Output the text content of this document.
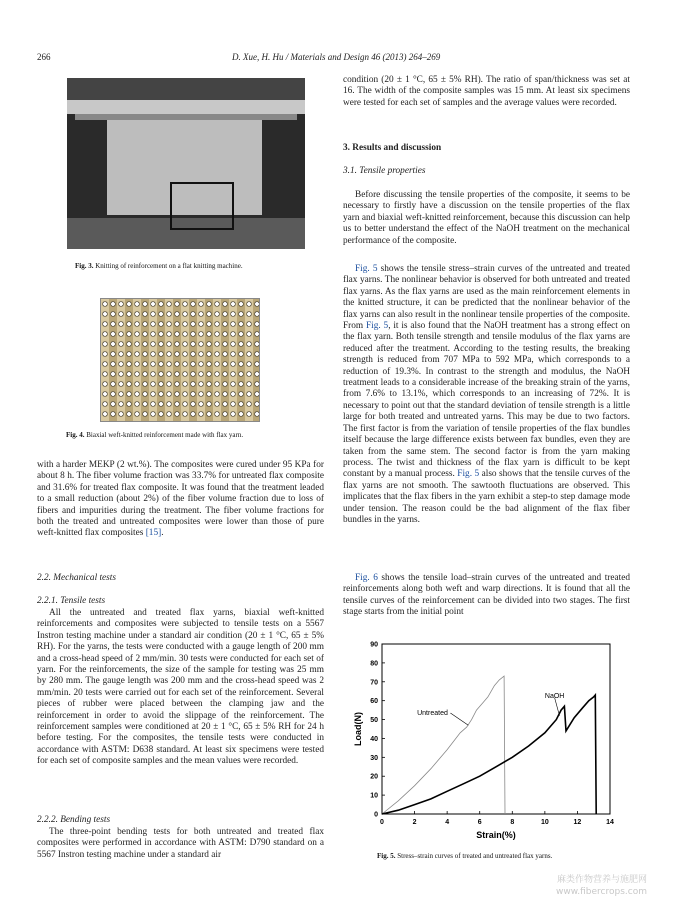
266	D. Xue, H. Hu / Materials and Design 46 (2013) 264–269
Fig. 3. Knitting of reinforcement on a flat knitting machine.
Fig. 4. Biaxial weft-knitted reinforcement made with flax yarn.

with a harder MEKP (2 wt.%). The composites were cured under 95 KPa for about 8 h. The fiber volume fraction was 33.7% for untreated flax composite and 31.6% for treated flax composite. It was found that the treatment leaded to a small reduction (about 2%) of the fiber volume fraction due to loss of fibers and impurities during the treatment. The fiber volume fractions for both the treated and untreated composites were lower than those of pure weft-knitted flax composites [15].

2.2. Mechanical tests
2.2.1. Tensile tests

All the untreated and treated flax yarns, biaxial weft-knitted reinforcements and composites were subjected to tensile tests on a 5567 Instron testing machine under a standard air condition (20 ± 1 °C, 65 ± 5% RH). For the yarns, the tests were conducted with a gauge length of 200 mm and a cross-head speed of 2 mm/min. 30 tests were conducted for each set of yarn. For the reinforcements, the size of the sample for testing was 25 mm by 280 mm. The gauge length was 200 mm and the cross-head speed was 2 mm/min. 20 tests were carried out for each set of the reinforcement. Several pieces of rubber were placed between the clamping jaw and the reinforcement in order to avoid the slippage of the reinforcement. The reinforcement samples were conditioned at 20 ± 1 °C, 65 ± 5% RH for 24 h before testing. For the composites, the tensile tests were conducted in accordance with ASTM: D638 standard. At least six specimens were tested for each set of composite samples and the mean values were recorded.

2.2.2. Bending tests

The three-point bending tests for both untreated and treated flax composites were performed in accordance with ASTM: D790 standard on a 5567 Instron testing machine under a standard air

condition (20 ± 1 °C, 65 ± 5% RH). The ratio of span/thickness was set at 16. The width of the composite samples was 15 mm. At least six specimens were tested for each set of samples and the average values were recorded.

3. Results and discussion
3.1. Tensile properties

Before discussing the tensile properties of the composite, it seems to be necessary to firstly have a discussion on the tensile properties of the flax yarn and biaxial weft-knitted reinforcement, because this discussion can help us to better understand the effect of the NaOH treatment on the mechanical performance of the composite.

Fig. 5 shows the tensile stress–strain curves of the untreated and treated flax yarns. The nonlinear behavior is observed for both untreated and treated flax yarns. As the flax yarns are used as the main reinforcement elements in the knitted structure, it can be predicted that the nonlinear behavior of the flax yarns can also result in the nonlinear tensile properties of the composite. From Fig. 5, it is also found that the NaOH treatment has a strong effect on the flax yarn. Both tensile strength and tensile modulus of the flax yarns are reduced after the treatment. According to the testing results, the breaking strength is reduced from 707 MPa to 592 MPa, which corresponds to a reduction of 19.3%. In contrast to the strength and modulus, the NaOH treatment leads to a considerable increase of the breaking strain of the yarns, from 7.6% to 13.1%, which corresponds to an increasing of 72%. It is necessary to point out that the standard deviation of tensile strength is a little large for both treated and untreated yarns. This may be due to two factors. The first factor is from the variation of tensile properties of the flax bundles itself because the large difference exists between fax bundles, even they are taken from the same stem. The second factor is from the yarn making process. The twist and thickness of the flax yarn is difficult to be kept constant by a manual process. Fig. 5 also shows that the tensile curves of the flax yarns are not smooth. The sawtooth fluctuations are observed. This implicates that the flax fibers in the yarn exhibit a step-to step damage mode under tension. The reason could be the bad alignment of the flax fiber bundles in the yarns.

Fig. 6 shows the tensile load–strain curves of the untreated and treated reinforcements along both weft and warp directions. It is found that all the tensile curves of the reinforcement can be divided into two stages. The first stage starts from the initial point

0	2	4	6	8	10	12	14
0
10
20
30
40
50
60
70
80
90
Strain(%)
Load(N)	Untreated
NaOH
Fig. 5. Stress–strain curves of treated and untreated flax yarns.
麻类作物营养与施肥网
www.fibercrops.com
